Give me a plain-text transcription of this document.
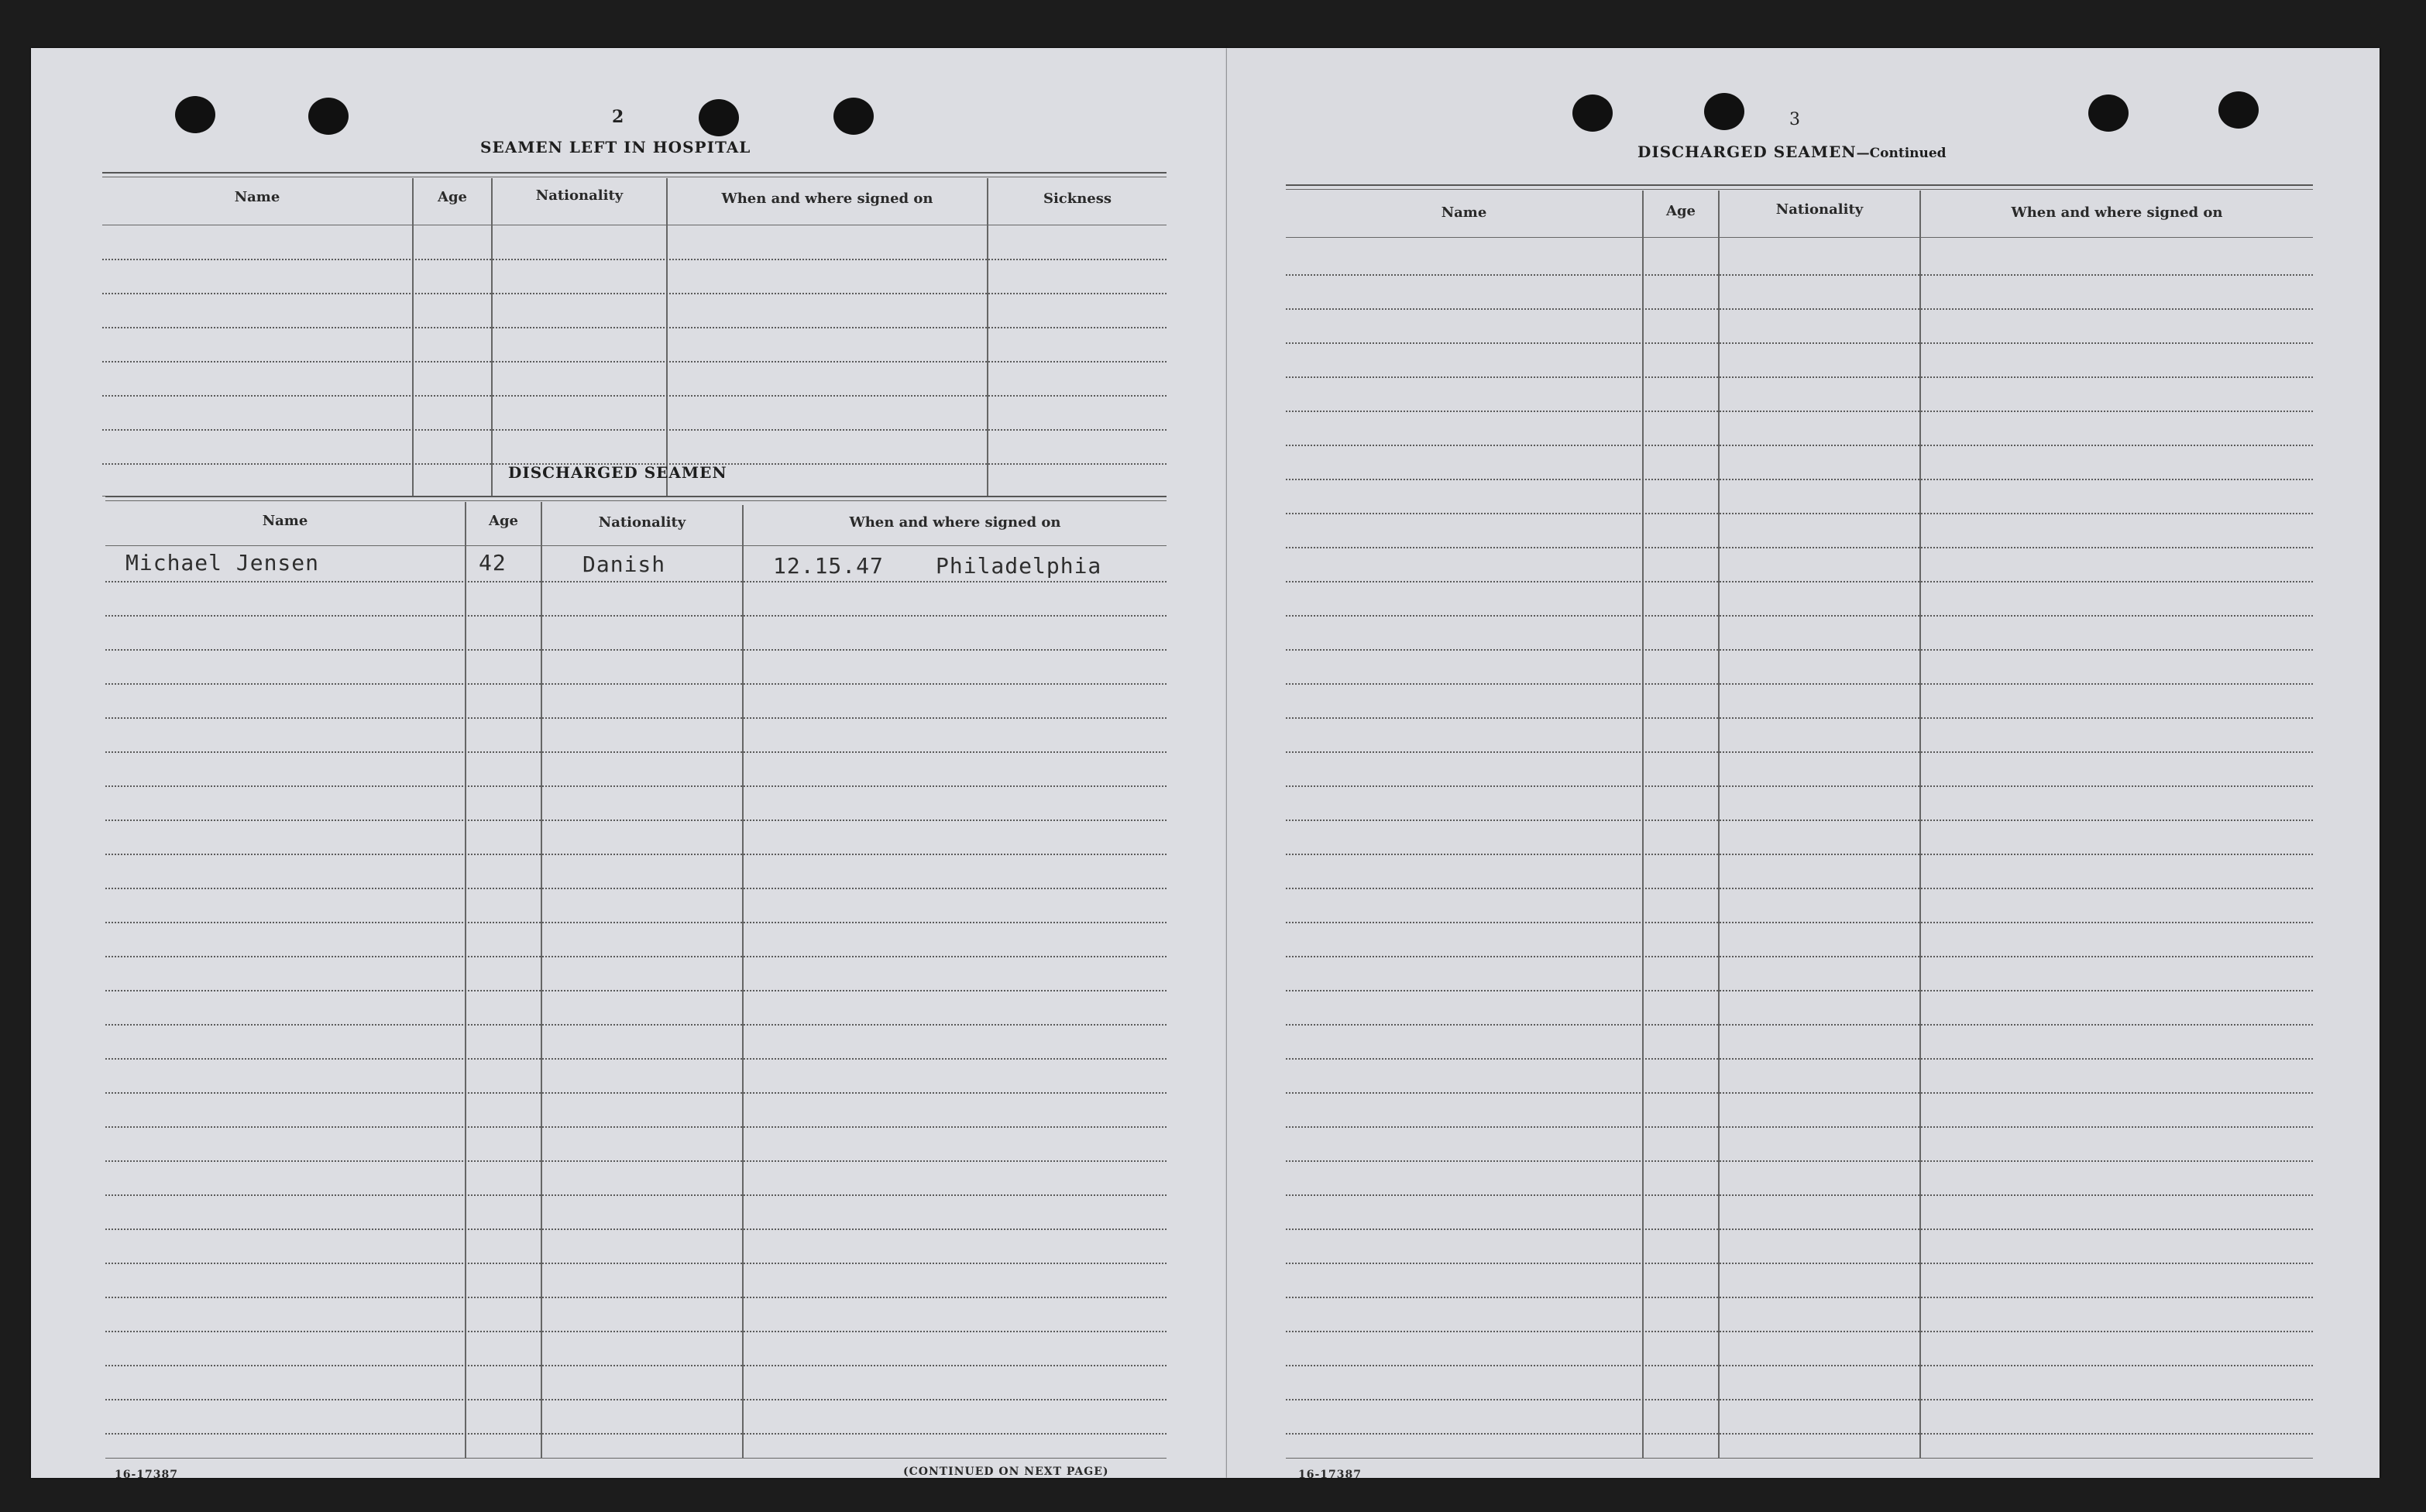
2
SEAMEN LEFT IN HOSPITAL
Name	Age	Nationality	When and where signed on	Sickness
DISCHARGED SEAMEN
Name	Age	Nationality	When and where signed on
Michael Jensen	42	Danish	12.15.47 Philadelphia
16-17387	(CONTINUED ON NEXT PAGE)
3
DISCHARGED SEAMEN—Continued
Name	Age	Nationality	When and where signed on
16-17387
